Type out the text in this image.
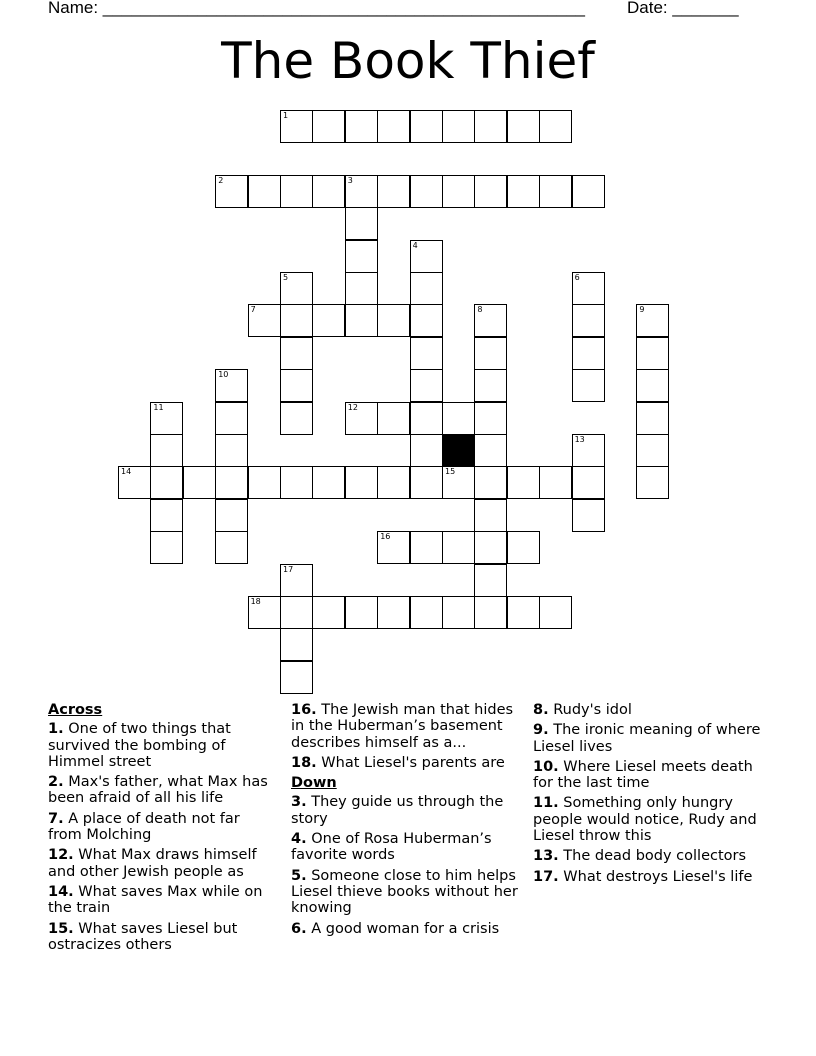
Name: ___________________________________________________ Date: _______
The Book Thief
1
2	3
4
5	6
7	8	9
10
11	12
13
14	15
16
17
18
Across
1. One of two things that survived the bombing of Himmel street
2. Max's father, what Max has been afraid of all his life
7. A place of death not far from Molching
12. What Max draws himself and other Jewish people as
14. What saves Max while on the train
15. What saves Liesel but ostracizes others
16. The Jewish man that hides in the Huberman’s basement describes himself as a...
18. What Liesel's parents are
Down
3. They guide us through the story
4. One of Rosa Huberman’s favorite words
5. Someone close to him helps Liesel thieve books without her knowing
6. A good woman for a crisis
8. Rudy's idol
9. The ironic meaning of where Liesel lives
10. Where Liesel meets death for the last time
11. Something only hungry people would notice, Rudy and Liesel throw this
13. The dead body collectors
17. What destroys Liesel's life
